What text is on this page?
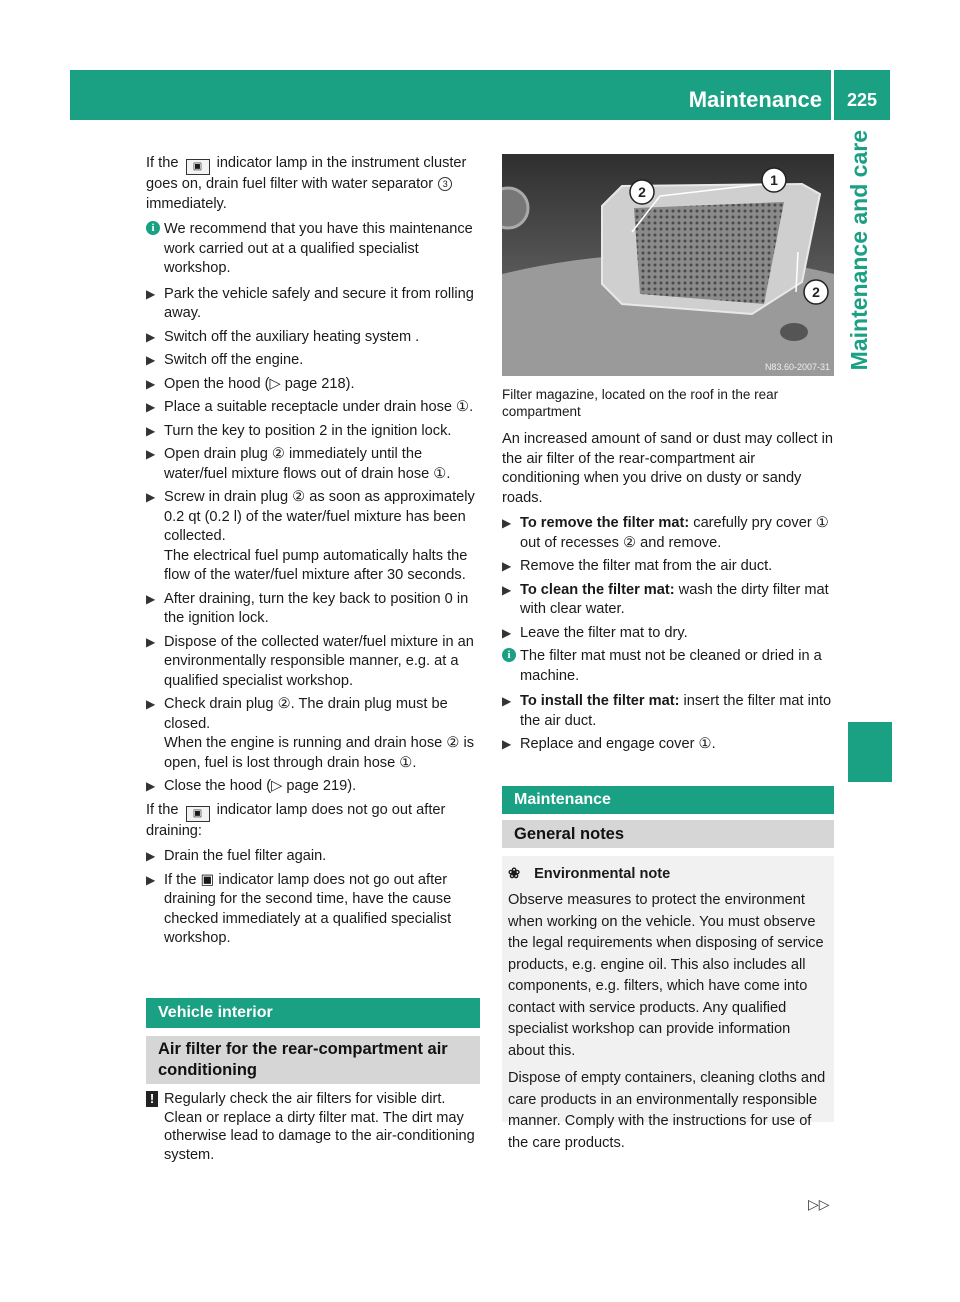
Maintenance	225
Maintenance and care

If the ▣ indicator lamp in the instrument cluster goes on, drain fuel filter with water separator 3 immediately.

i We recommend that you have this maintenance work carried out at a qualified specialist workshop.
▶ Park the vehicle safely and secure it from rolling away.
▶ Switch off the auxiliary heating system .
▶ Switch off the engine.
▶ Open the hood (▷ page 218).
▶ Place a suitable receptacle under drain hose ①.
▶ Turn the key to position 2 in the ignition lock.
▶ Open drain plug ② immediately until the water/fuel mixture flows out of drain hose ①.
▶ Screw in drain plug ② as soon as approximately 0.2 qt (0.2 l) of the water/fuel mixture has been collected.
The electrical fuel pump automatically halts the flow of the water/fuel mixture after 30 seconds.
▶ After draining, turn the key back to position 0 in the ignition lock.
▶ Dispose of the collected water/fuel mixture in an environmentally responsible manner, e.g. at a qualified specialist workshop.
▶ Check drain plug ②. The drain plug must be closed.
When the engine is running and drain hose ② is open, fuel is lost through drain hose ①.
▶ Close the hood (▷ page 219).

If the ▣ indicator lamp does not go out after draining:

▶ Drain the fuel filter again.
▶ If the ▣ indicator lamp does not go out after draining for the second time, have the cause checked immediately at a qualified specialist workshop.
Vehicle interior
Air filter for the rear-compartment air conditioning
! Regularly check the air filters for visible dirt. Clean or replace a dirty filter mat. The dirt may otherwise lead to damage to the air-conditioning system.
2
1
2
N83.60-2007-31
Filter magazine, located on the roof in the rear compartment

An increased amount of sand or dust may collect in the air filter of the rear-compartment air conditioning when you drive on dusty or sandy roads.

▶ To remove the filter mat: carefully pry cover ① out of recesses ② and remove.
▶ Remove the filter mat from the air duct.
▶ To clean the filter mat: wash the dirty filter mat with clear water.
▶ Leave the filter mat to dry.
i The filter mat must not be cleaned or dried in a machine.
▶ To install the filter mat: insert the filter mat into the air duct.
▶ Replace and engage cover ①.
Maintenance
General notes
❀ Environmental note

Observe measures to protect the environment when working on the vehicle. You must observe the legal requirements when disposing of service products, e.g. engine oil. This also includes all components, e.g. filters, which have come into contact with service products. Any qualified specialist workshop can provide information about this.

Dispose of empty containers, cleaning cloths and care products in an environmentally responsible manner. Comply with the instructions for use of the care products.

▷▷
